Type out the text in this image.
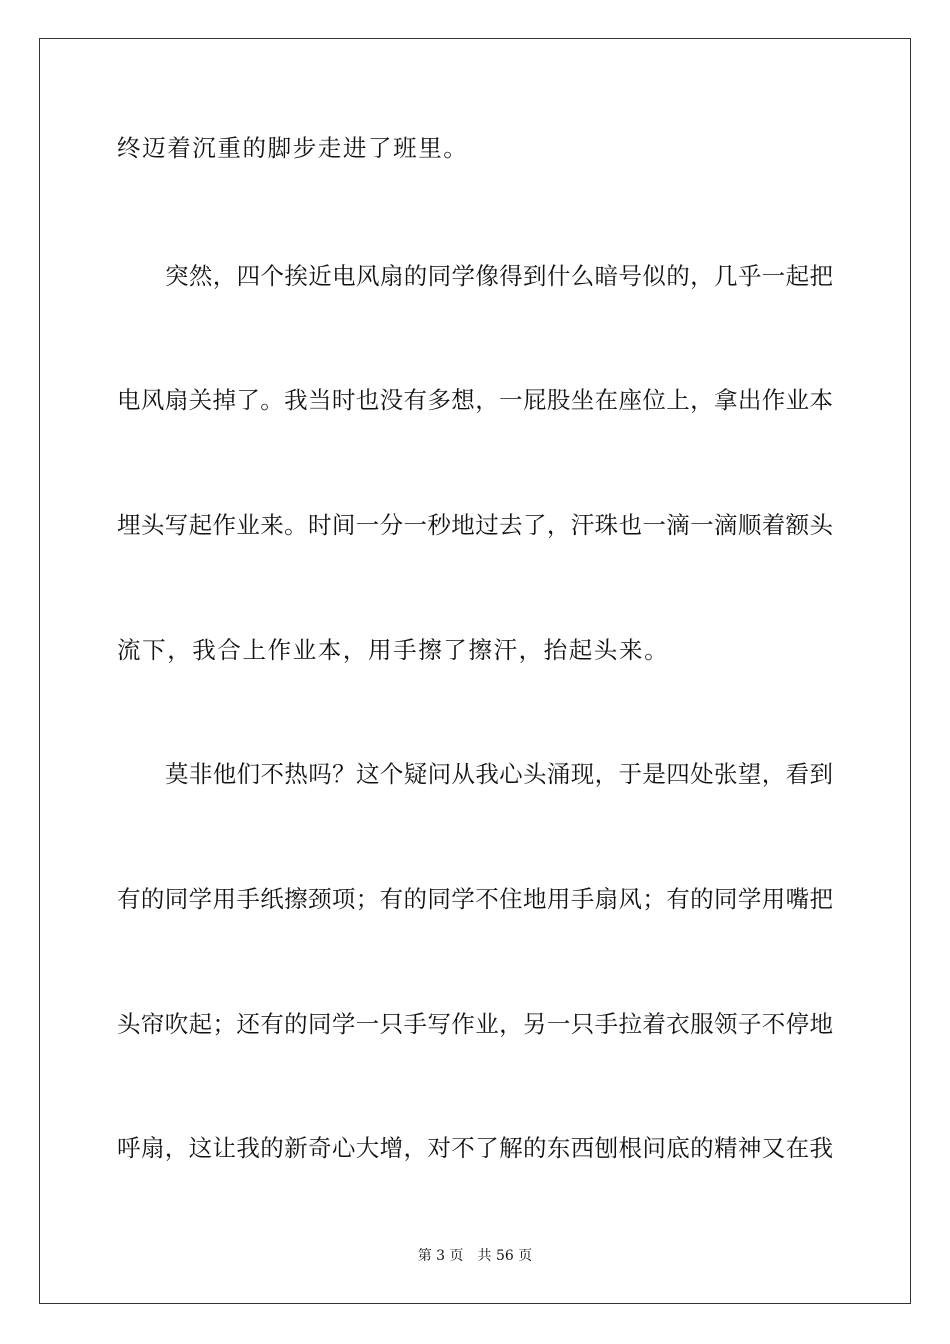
终迈着沉重的脚步走进了班里。
突然，四个挨近电风扇的同学像得到什么暗号似的，几乎一起把
电风扇关掉了。我当时也没有多想，一屁股坐在座位上，拿出作业本
埋头写起作业来。时间一分一秒地过去了，汗珠也一滴一滴顺着额头
流下，我合上作业本，用手擦了擦汗，抬起头来。
莫非他们不热吗？这个疑问从我心头涌现，于是四处张望，看到
有的同学用手纸擦颈项；有的同学不住地用手扇风；有的同学用嘴把
头帘吹起；还有的同学一只手写作业，另一只手拉着衣服领子不停地
呼扇，这让我的新奇心大增，对不了解的东西刨根问底的精神又在我
第 3 页 共 56 页
